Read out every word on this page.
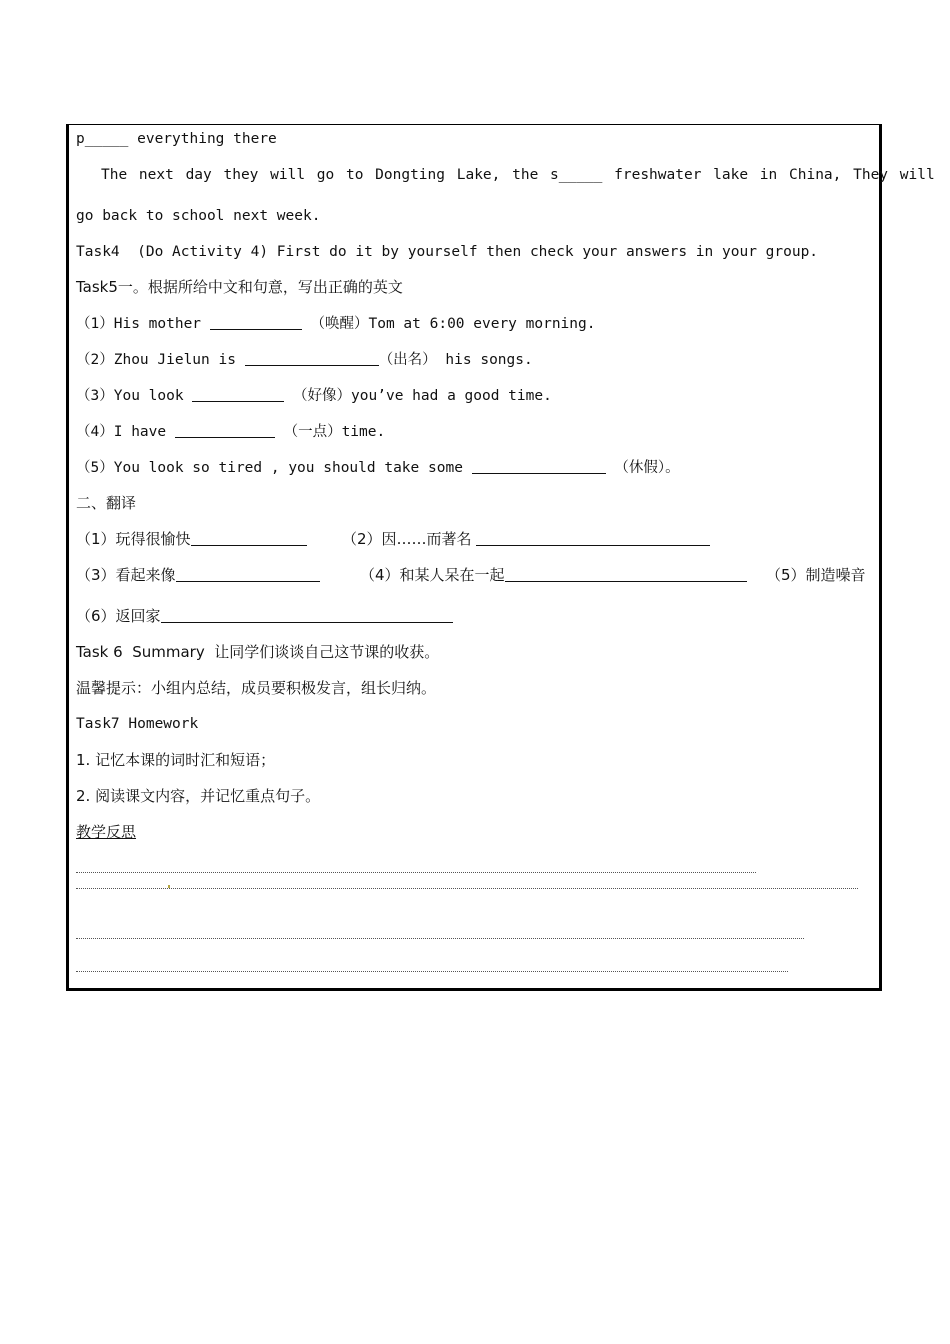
p_____ everything there
The next day they will go to Dongting Lake, the s_____ freshwater lake in China, They will
go back to school next week.
Task4  (Do Activity 4) First do it by yourself then check your answers in your group.
Task5一。根据所给中文和句意，写出正确的英文
（1）His mother	（唤醒）Tom at 6:00 every morning.
（2）Zhou Jielun is	（出名） his songs.
（3）You look	（好像）you’ve had a good time.
（4）I have	（一点）time.
（5）You look so tired , you should take some	（休假）。
二、翻译
（1）玩得很愉快	（2）因……而著名
（3）看起来像	（4）和某人呆在一起	（5）制造噪音
（6）返回家
Task 6  Summary  让同学们谈谈自己这节课的收获。
温馨提示：小组内总结，成员要积极发言，组长归纳。
Task7 Homework
1. 记忆本课的词时汇和短语；
2. 阅读课文内容，并记忆重点句子。
教学反思
